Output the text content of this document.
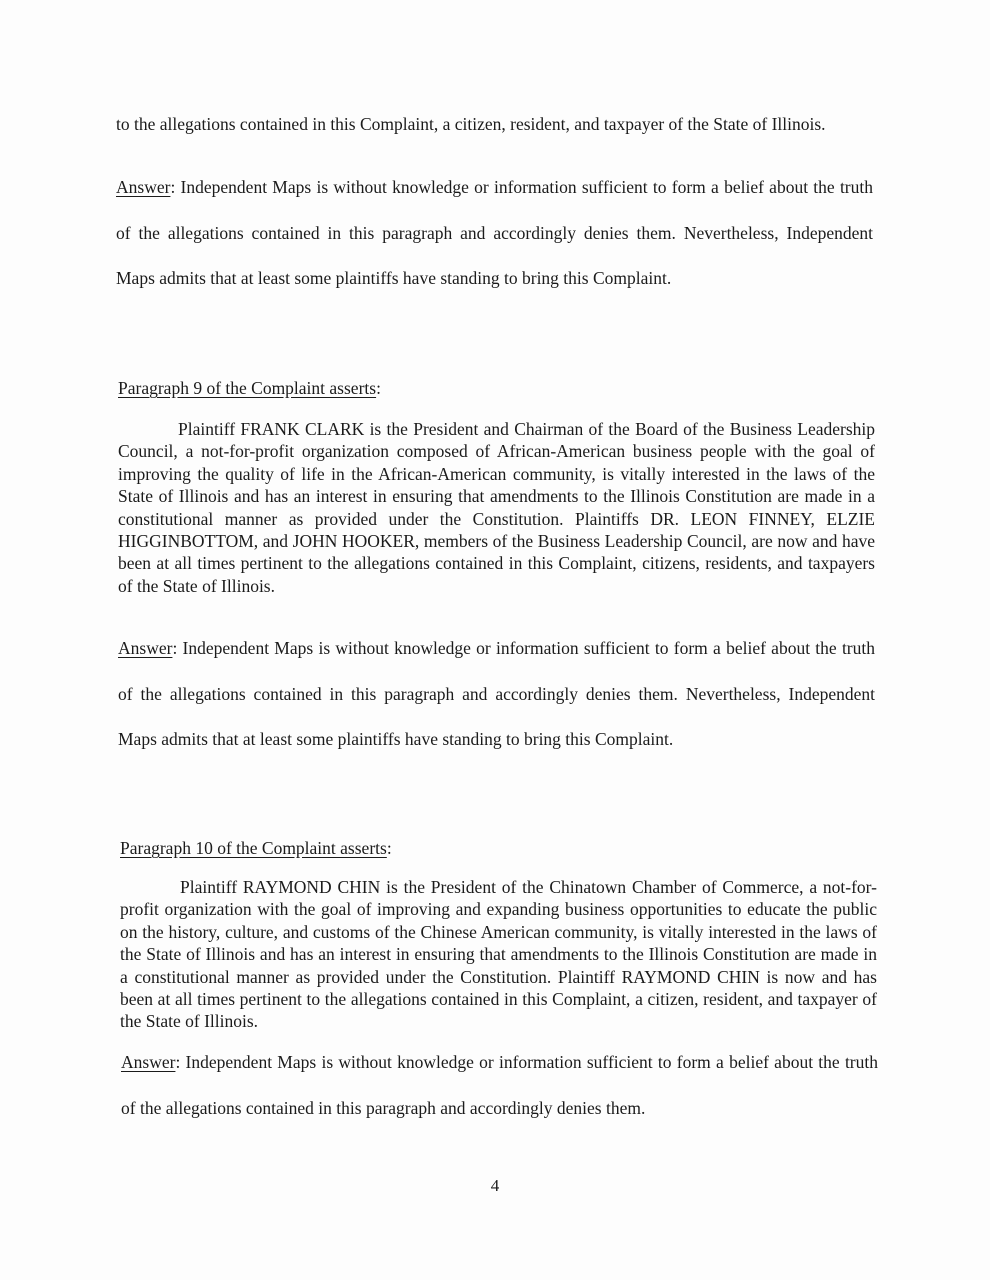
to the allegations contained in this Complaint, a citizen, resident, and taxpayer of the State of Illinois.

Answer: Independent Maps is without knowledge or information sufficient to form a belief about the truth of the allegations contained in this paragraph and accordingly denies them. Nevertheless, Independent Maps admits that at least some plaintiffs have standing to bring this Complaint.

Paragraph 9 of the Complaint asserts:

Plaintiff FRANK CLARK is the President and Chairman of the Board of the Business Leadership Council, a not-for-profit organization composed of African-American business people with the goal of improving the quality of life in the African-American community, is vitally interested in the laws of the State of Illinois and has an interest in ensuring that amendments to the Illinois Constitution are made in a constitutional manner as provided under the Constitution. Plaintiffs DR. LEON FINNEY, ELZIE HIGGINBOTTOM, and JOHN HOOKER, members of the Business Leadership Council, are now and have been at all times pertinent to the allegations contained in this Complaint, citizens, residents, and taxpayers of the State of Illinois.

Answer: Independent Maps is without knowledge or information sufficient to form a belief about the truth of the allegations contained in this paragraph and accordingly denies them. Nevertheless, Independent Maps admits that at least some plaintiffs have standing to bring this Complaint.

Paragraph 10 of the Complaint asserts:

Plaintiff RAYMOND CHIN is the President of the Chinatown Chamber of Commerce, a not-for-profit organization with the goal of improving and expanding business opportunities to educate the public on the history, culture, and customs of the Chinese American community, is vitally interested in the laws of the State of Illinois and has an interest in ensuring that amendments to the Illinois Constitution are made in a constitutional manner as provided under the Constitution. Plaintiff RAYMOND CHIN is now and has been at all times pertinent to the allegations contained in this Complaint, a citizen, resident, and taxpayer of the State of Illinois.

Answer: Independent Maps is without knowledge or information sufficient to form a belief about the truth of the allegations contained in this paragraph and accordingly denies them.

4
